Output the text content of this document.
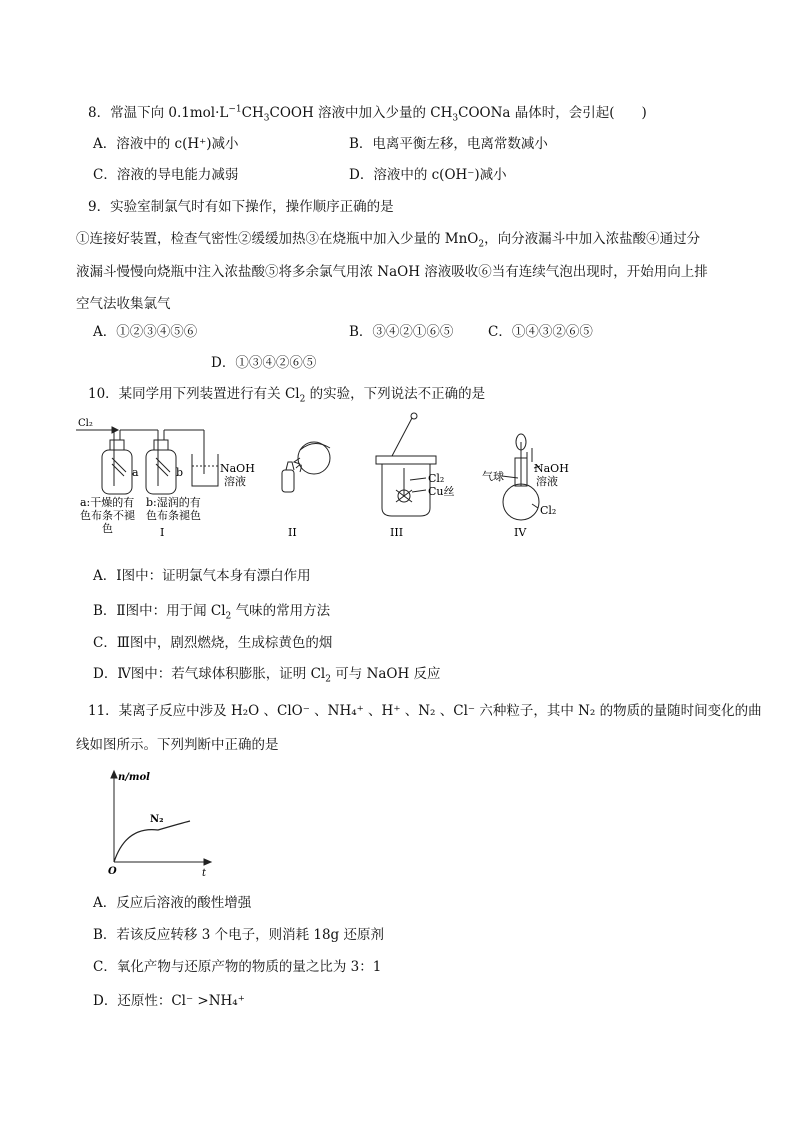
8．常温下向 $0.1mol\cdot L^{-1}CH_3COOH$ 溶液中加入少量的 $CH_3COONa$ 晶体时，会引起(　　)
A．溶液中的 c(H⁺)减小	B．电离平衡左移，电离常数减小
C．溶液的导电能力减弱	D．溶液中的 c(OH⁻)减小
9．实验室制氯气时有如下操作，操作顺序正确的是
①连接好装置，检查气密性②缓缓加热③在烧瓶中加入少量的 MnO$_2$，向分液漏斗中加入浓盐酸④通过分
液漏斗慢慢向烧瓶中注入浓盐酸⑤将多余氯气用浓 NaOH 溶液吸收⑥当有连续气泡出现时，开始用向上排
空气法收集氯气
A．①②③④⑤⑥	B．③④②①⑥⑤	C．①④③②⑥⑤
D．①③④②⑥⑤
10．某同学用下列装置进行有关 $Cl_2$ 的实验，下列说法不正确的是
Cl₂
a	b	NaOH
溶液
a:干燥的有
色布条不褪
色
b:湿润的有
色布条褪色
I	II
Cl₂
Cu丝
III
气球
NaOH
溶液
Cl₂
IV
A．Ⅰ图中：证明氯气本身有漂白作用
B．Ⅱ图中：用于闻 $Cl_2$ 气味的常用方法
C．Ⅲ图中，剧烈燃烧，生成棕黄色的烟
D．Ⅳ图中：若气球体积膨胀，证明 $Cl_2$ 可与 NaOH 反应
11．某离子反应中涉及 H₂O 、ClO⁻ 、NH₄⁺ 、H⁺ 、N₂ 、Cl⁻ 六种粒子，其中 N₂ 的物质的量随时间变化的曲
线如图所示。下列判断中正确的是
n/mol
N₂
O	t
A．反应后溶液的酸性增强
B．若该反应转移 3 个电子，则消耗 18g 还原剂
C．氧化产物与还原产物的物质的量之比为 3：1
D．还原性：Cl⁻ >NH₄⁺
